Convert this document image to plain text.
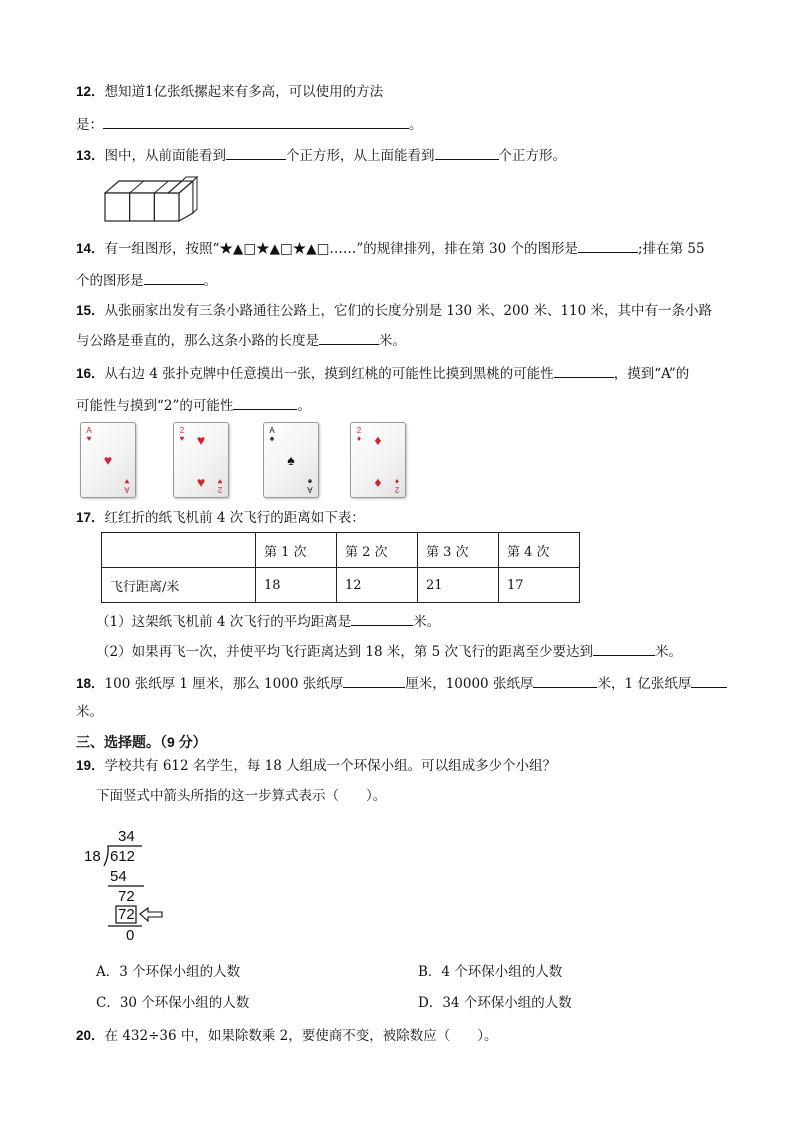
12．想知道1亿张纸摞起来有多高，可以使用的方法
是：	。
13．图中，从前面能看到	个正方形，从上面能看到	个正方形。
14．有一组图形，按照“★▲□★▲□★▲□……”的规律排列，排在第 30 个的图形是	;排在第 55
个的图形是	。
15．从张丽家出发有三条小路通往公路上，它们的长度分别是 130 米、200 米、110 米，其中有一条小路
与公路是垂直的，那么这条小路的长度是	米。
16．从右边 4 张扑克牌中任意摸出一张，摸到红桃的可能性比摸到黑桃的可能性	，摸到“A”的
可能性与摸到“2”的可能性	。
A
♥
♥
A
♥
2
♥ ♥
♥	2
♥
A
♠
♠
A
♠
2
♦ ♦
♦	2
♦
17．红红折的纸飞机前 4 次飞行的距离如下表：
	第 1 次	第 2 次	第 3 次	第 4 次
飞行距离/米	18	12	21	17
（1）这架纸飞机前 4 次飞行的平均距离是	米。
（2）如果再飞一次，并使平均飞行距离达到 18 米，第 5 次飞行的距离至少要达到	米。
18．100 张纸厚 1 厘米，那么 1000 张纸厚	厘米，10000 张纸厚	米，1 亿张纸厚
米。
三、选择题。（9 分）
19．学校共有 612 名学生，每 18 人组成一个环保小组。可以组成多少个小组？
下面竖式中箭头所指的这一步算式表示（　　）。
34
18 612
54
72
72
0
A．3 个环保小组的人数	B．4 个环保小组的人数
C．30 个环保小组的人数	D．34 个环保小组的人数
20．在 432÷36 中，如果除数乘 2，要使商不变，被除数应（　　）。
